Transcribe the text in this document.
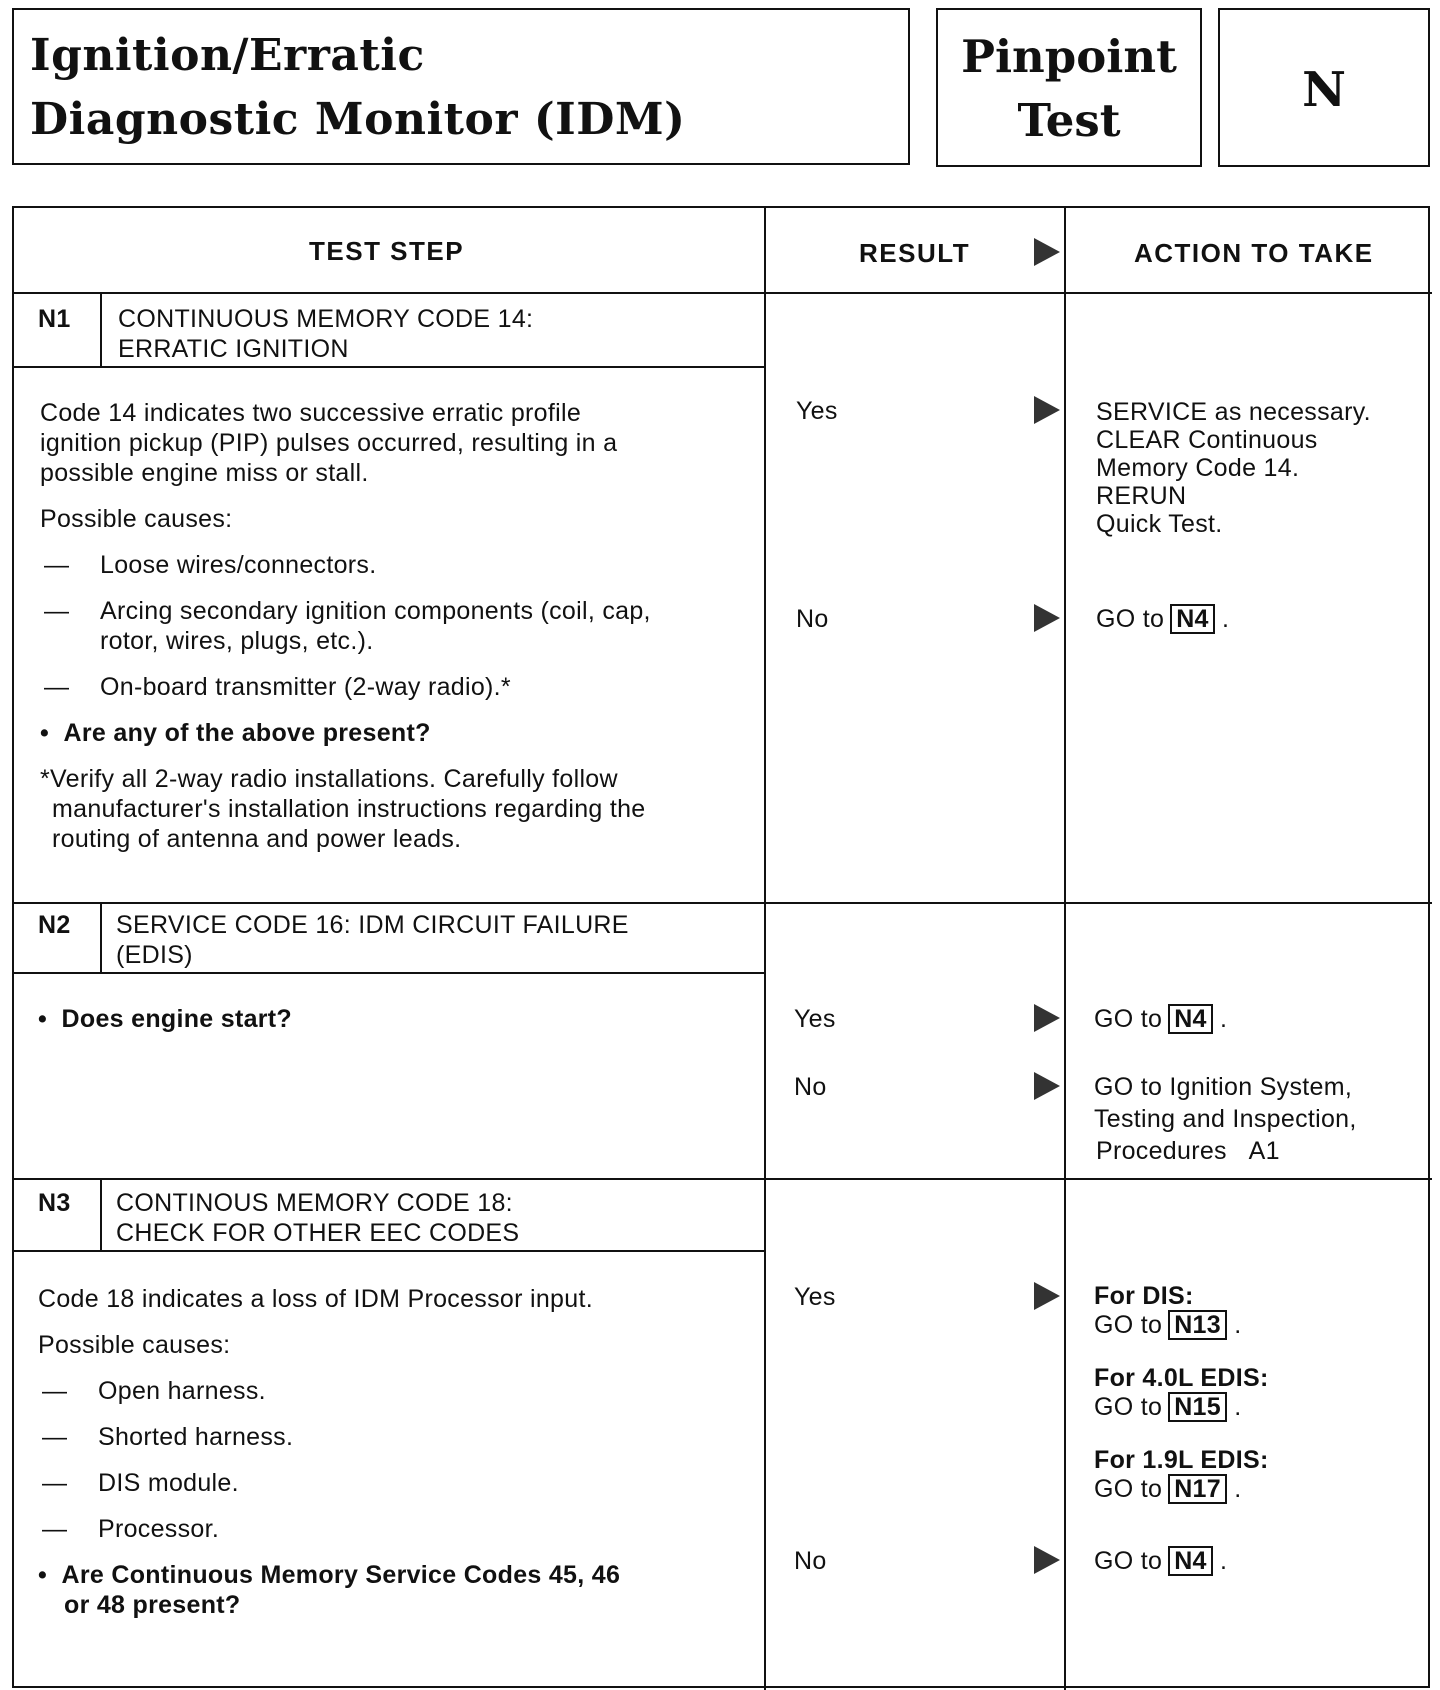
Ignition/Erratic
Diagnostic Monitor (IDM)
Pinpoint
Test
N
TEST STEP	RESULT	ACTION TO TAKE
N1 CONTINUOUS MEMORY CODE 14:
ERRATIC IGNITION
Code 14 indicates two successive erratic profile
ignition pickup (PIP) pulses occurred, resulting in a
possible engine miss or stall.
Possible causes:
— Loose wires/connectors.
— Arcing secondary ignition components (coil, cap,
rotor, wires, plugs, etc.).
— On-board transmitter (2-way radio).*
•  Are any of the above present?
*Verify all 2-way radio installations. Carefully follow
manufacturer's installation instructions regarding the
routing of antenna and power leads.
Yes	SERVICE as necessary.
CLEAR Continuous
Memory Code 14.
RERUN
Quick Test.
No	GO to N4 .
N2 SERVICE CODE 16: IDM CIRCUIT FAILURE
(EDIS)
•  Does engine start?	Yes	GO to N4 .
No	GO to Ignition System,
Testing and Inspection,
Procedures A1
N3 CONTINOUS MEMORY CODE 18:
CHECK FOR OTHER EEC CODES
Code 18 indicates a loss of IDM Processor input.
Possible causes:
— Open harness.
— Shorted harness.
— DIS module.
— Processor.
•  Are Continuous Memory Service Codes 45, 46
or 48 present?
Yes	For DIS:
GO to N13 .
For 4.0L EDIS:
GO to N15 .
For 1.9L EDIS:
GO to N17 .
No	GO to N4 .
